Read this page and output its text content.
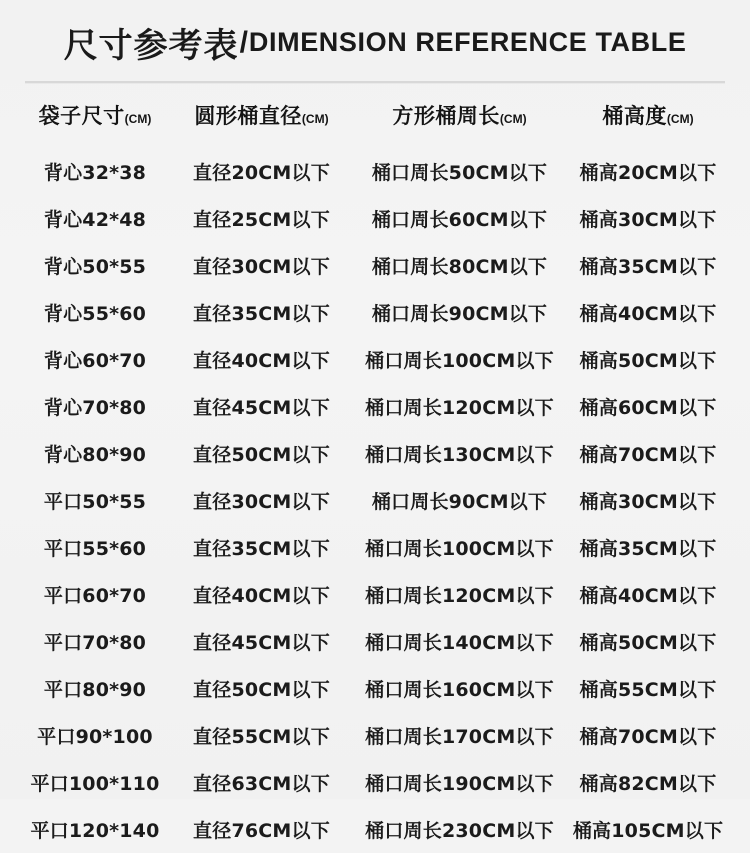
尺寸参考表/DIMENSION REFERENCE TABLE
袋子尺寸(CM)	圆形桶直径(CM)	方形桶周长(CM)	桶高度(CM)
背心32*38	直径20CM以下	桶口周长50CM以下	桶高20CM以下
背心42*48	直径25CM以下	桶口周长60CM以下	桶高30CM以下
背心50*55	直径30CM以下	桶口周长80CM以下	桶高35CM以下
背心55*60	直径35CM以下	桶口周长90CM以下	桶高40CM以下
背心60*70	直径40CM以下	桶口周长100CM以下	桶高50CM以下
背心70*80	直径45CM以下	桶口周长120CM以下	桶高60CM以下
背心80*90	直径50CM以下	桶口周长130CM以下	桶高70CM以下
平口50*55	直径30CM以下	桶口周长90CM以下	桶高30CM以下
平口55*60	直径35CM以下	桶口周长100CM以下	桶高35CM以下
平口60*70	直径40CM以下	桶口周长120CM以下	桶高40CM以下
平口70*80	直径45CM以下	桶口周长140CM以下	桶高50CM以下
平口80*90	直径50CM以下	桶口周长160CM以下	桶高55CM以下
平口90*100	直径55CM以下	桶口周长170CM以下	桶高70CM以下
平口100*110	直径63CM以下	桶口周长190CM以下	桶高82CM以下
平口120*140	直径76CM以下	桶口周长230CM以下	桶高105CM以下
